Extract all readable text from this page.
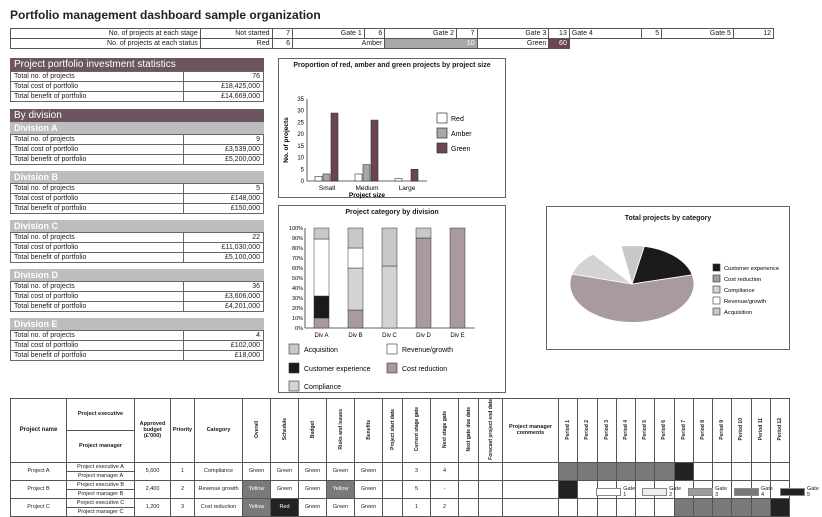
Portfolio management dashboard sample organization
No. of projects at each stage	Not started	7	Gate 1	6	Gate 2	7	Gate 3	13	Gate 4	5	Gate 5	12
No. of projects at each status	Red	6	Amber		10		Green	60				
Project portfolio investment statistics
Total no. of projects	76
Total cost of portfolio	£18,425,000
Total benefit of portfolio	£14,669,000
By division
Division A
Total no. of projects	9
Total cost of portfolio	£3,539,000
Total benefit of portfolio	£5,200,000
Division B
Total no. of projects	5
Total cost of portfolio	£148,000
Total benefit of portfolio	£150,000
Division C
Total no. of projects	22
Total cost of portfolio	£11,030,000
Total benefit of portfolio	£5,100,000
Division D
Total no. of projects	36
Total cost of portfolio	£3,606,000
Total benefit of portfolio	£4,201,000
Division E
Total no. of projects	4
Total cost of portfolio	£102,000
Total benefit of portfolio	£18,000
Proportion of red, amber and green projects by project size
0
5
10
15
20
25
30
35
Small	Medium	Large
Project size
No. of projects	Red
Amber
Green
Project category by division
0%
10%
20%
30%
40%
50%
60%
70%
80%
90%
100%
Div A	Div B	Div C	Div D	Div E
Acquisition	Revenue/growth
Customer experience	Cost reduction
Compliance
Total projects by category
Customer experience
Cost reduction
Compliance
Revenue/growth
Acquisition
Project name	Project executive	Approved budget (£'000)	Priority	Category	Overall	Schedule	Budget	Risks and issues	Benefits	Project start date	Current stage gate	Next stage gate	Next gate due date	Forecast project end date	Project manager comments	Period 1	Period 2	Period 3	Period 4	Period 5	Period 6	Period 7	Period 8	Period 9	Period 10	Period 11	Period 12
	Project manager																										
Project A	Project executive A	5,600	1	Compliance	Green	Green	Green	Green	Green		3	4															
	Project manager A																										
Project B	Project executive B	2,400	2	Revenue growth	Yellow	Green	Green	Yellow	Green		5	-															
	Project manager B																										
Project C	Project executive C	1,200	3	Cost reduction	Yellow	Red	Green	Green	Green		1	2															
	Project manager C																										
Gate 1
Gate 2
Gate 3
Gate 4
Gate 5
